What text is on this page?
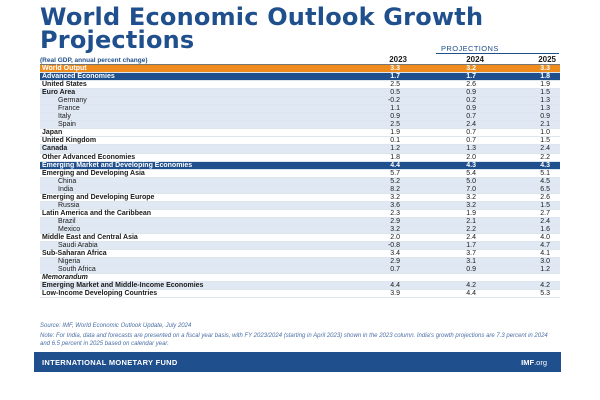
World Economic Outlook Growth Projections	PROJECTIONS
(Real GDP, annual percent change)	2023	2024	2025
World Output	3.3	3.2	3.3
Advanced Economies	1.7	1.7	1.8
United States	2.5	2.6	1.9
Euro Area	0.5	0.9	1.5
Germany	-0.2	0.2	1.3
France	1.1	0.9	1.3
Italy	0.9	0.7	0.9
Spain	2.5	2.4	2.1
Japan	1.9	0.7	1.0
United Kingdom	0.1	0.7	1.5
Canada	1.2	1.3	2.4
Other Advanced Economies	1.8	2.0	2.2
Emerging Market and Developing Economies	4.4	4.3	4.3
Emerging and Developing Asia	5.7	5.4	5.1
China	5.2	5.0	4.5
India	8.2	7.0	6.5
Emerging and Developing Europe	3.2	3.2	2.6
Russia	3.6	3.2	1.5
Latin America and the Caribbean	2.3	1.9	2.7
Brazil	2.9	2.1	2.4
Mexico	3.2	2.2	1.6
Middle East and Central Asia	2.0	2.4	4.0
Saudi Arabia	-0.8	1.7	4.7
Sub-Saharan Africa	3.4	3.7	4.1
Nigeria	2.9	3.1	3.0
South Africa	0.7	0.9	1.2
Memorandum
Emerging Market and Middle-Income Economies	4.4	4.2	4.2
Low-Income Developing Countries	3.9	4.4	5.3
Source: IMF, World Economic Outlook Update, July 2024
Note: For India, data and forecasts are presented on a fiscal year basis, with FY 2023/2024 (starting in April 2023) shown in the 2023 column. India's growth projections are 7.3 percent in 2024 and 6.5 percent in 2025 based on calendar year.
INTERNATIONAL MONETARY FUND	IMF.org
